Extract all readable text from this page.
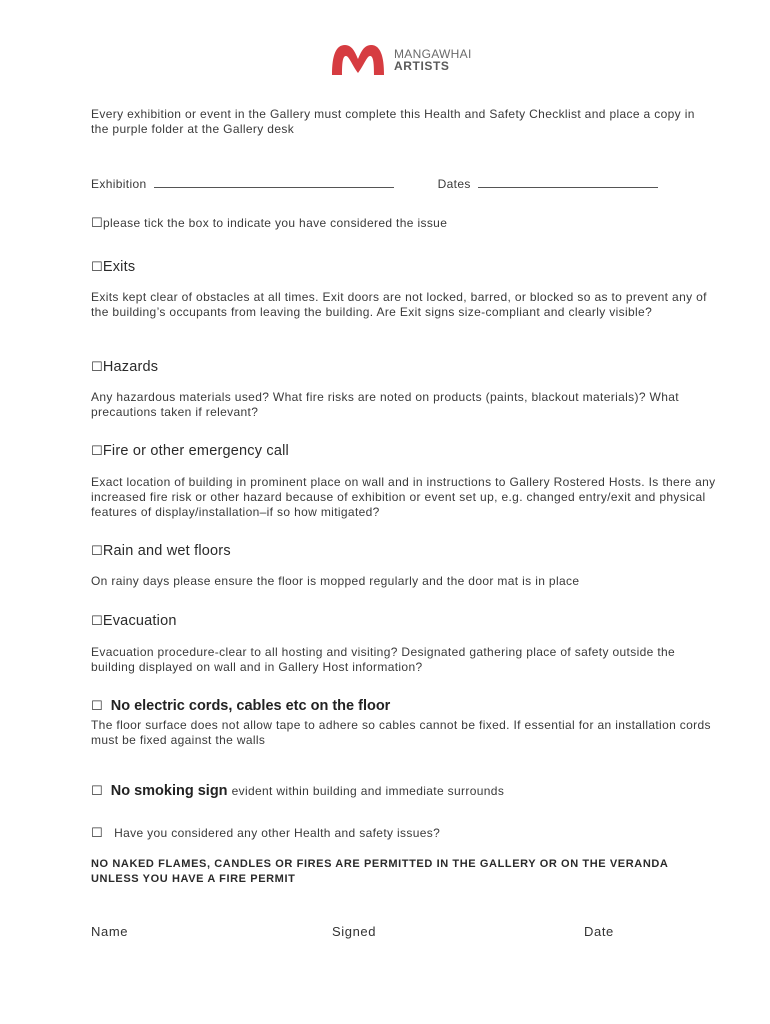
MANGAWHAI
ARTISTS
Every exhibition or event in the Gallery must complete this Health and Safety Checklist and place a copy in the purple folder at the Gallery desk
Exhibition	Dates
☐please tick the box to indicate you have considered the issue
☐Exits
Exits kept clear of obstacles at all times. Exit doors are not locked, barred, or blocked so as to prevent any of the building’s occupants from leaving the building. Are Exit signs size-compliant and clearly visible?
☐Hazards
Any hazardous materials used? What fire risks are noted on products (paints, blackout materials)? What precautions taken if relevant?
☐Fire or other emergency call
Exact location of building in prominent place on wall and in instructions to Gallery Rostered Hosts. Is there any increased fire risk or other hazard because of exhibition or event set up, e.g. changed entry/exit and physical features of display/installation–if so how mitigated?
☐Rain and wet floors
On rainy days please ensure the floor is mopped regularly and the door mat is in place
☐Evacuation
Evacuation procedure-clear to all hosting and visiting? Designated gathering place of safety outside the building displayed on wall and in Gallery Host information?
☐ No electric cords, cables etc on the floor
The floor surface does not allow tape to adhere so cables cannot be fixed. If essential for an installation cords must be fixed against the walls
☐ No smoking sign evident within building and immediate surrounds
☐ Have you considered any other Health and safety issues?
NO NAKED FLAMES, CANDLES OR FIRES ARE PERMITTED IN THE GALLERY OR ON THE VERANDA UNLESS YOU HAVE A FIRE PERMIT
Name	Signed	Date
